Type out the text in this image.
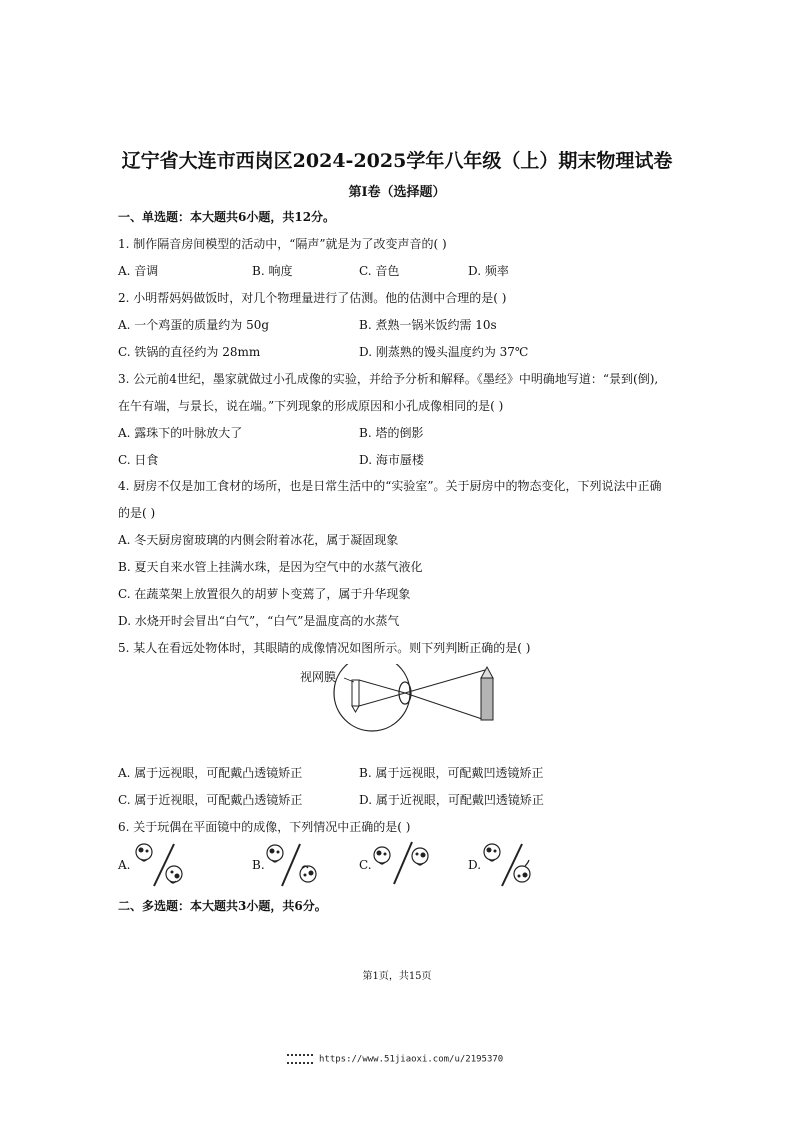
辽宁省大连市西岗区2024-2025学年八年级（上）期末物理试卷
第Ⅰ卷（选择题）
一、单选题：本大题共6小题，共12分。
1. 制作隔音房间模型的活动中，“隔声”就是为了改变声音的( )
A. 音调	B. 响度	C. 音色	D. 频率
2. 小明帮妈妈做饭时，对几个物理量进行了估测。他的估测中合理的是( )
A. 一个鸡蛋的质量约为 50g	B. 煮熟一锅米饭约需 10s
C. 铁锅的直径约为 28mm	D. 刚蒸熟的馒头温度约为 37℃
3. 公元前4世纪，墨家就做过小孔成像的实验，并给予分析和解释。《墨经》中明确地写道：“景到(倒),
在午有端，与景长，说在端。”下列现象的形成原因和小孔成像相同的是( )
A. 露珠下的叶脉放大了	B. 塔的倒影
C. 日食	D. 海市蜃楼
4. 厨房不仅是加工食材的场所，也是日常生活中的“实验室”。关于厨房中的物态变化，下列说法中正确
的是( )
A. 冬天厨房窗玻璃的内侧会附着冰花，属于凝固现象
B. 夏天自来水管上挂满水珠，是因为空气中的水蒸气液化
C. 在蔬菜架上放置很久的胡萝卜变蔫了，属于升华现象
D. 水烧开时会冒出“白气”，“白气”是温度高的水蒸气
5. 某人在看远处物体时，其眼睛的成像情况如图所示。则下列判断正确的是( )
视网膜
A. 属于远视眼，可配戴凸透镜矫正	B. 属于远视眼，可配戴凹透镜矫正
C. 属于近视眼，可配戴凸透镜矫正	D. 属于近视眼，可配戴凹透镜矫正
6. 关于玩偶在平面镜中的成像，下列情况中正确的是( )
A.	B.	C.	D.
二、多选题：本大题共3小题，共6分。
第1页，共15页
https://www.51jiaoxi.com/u/2195370
